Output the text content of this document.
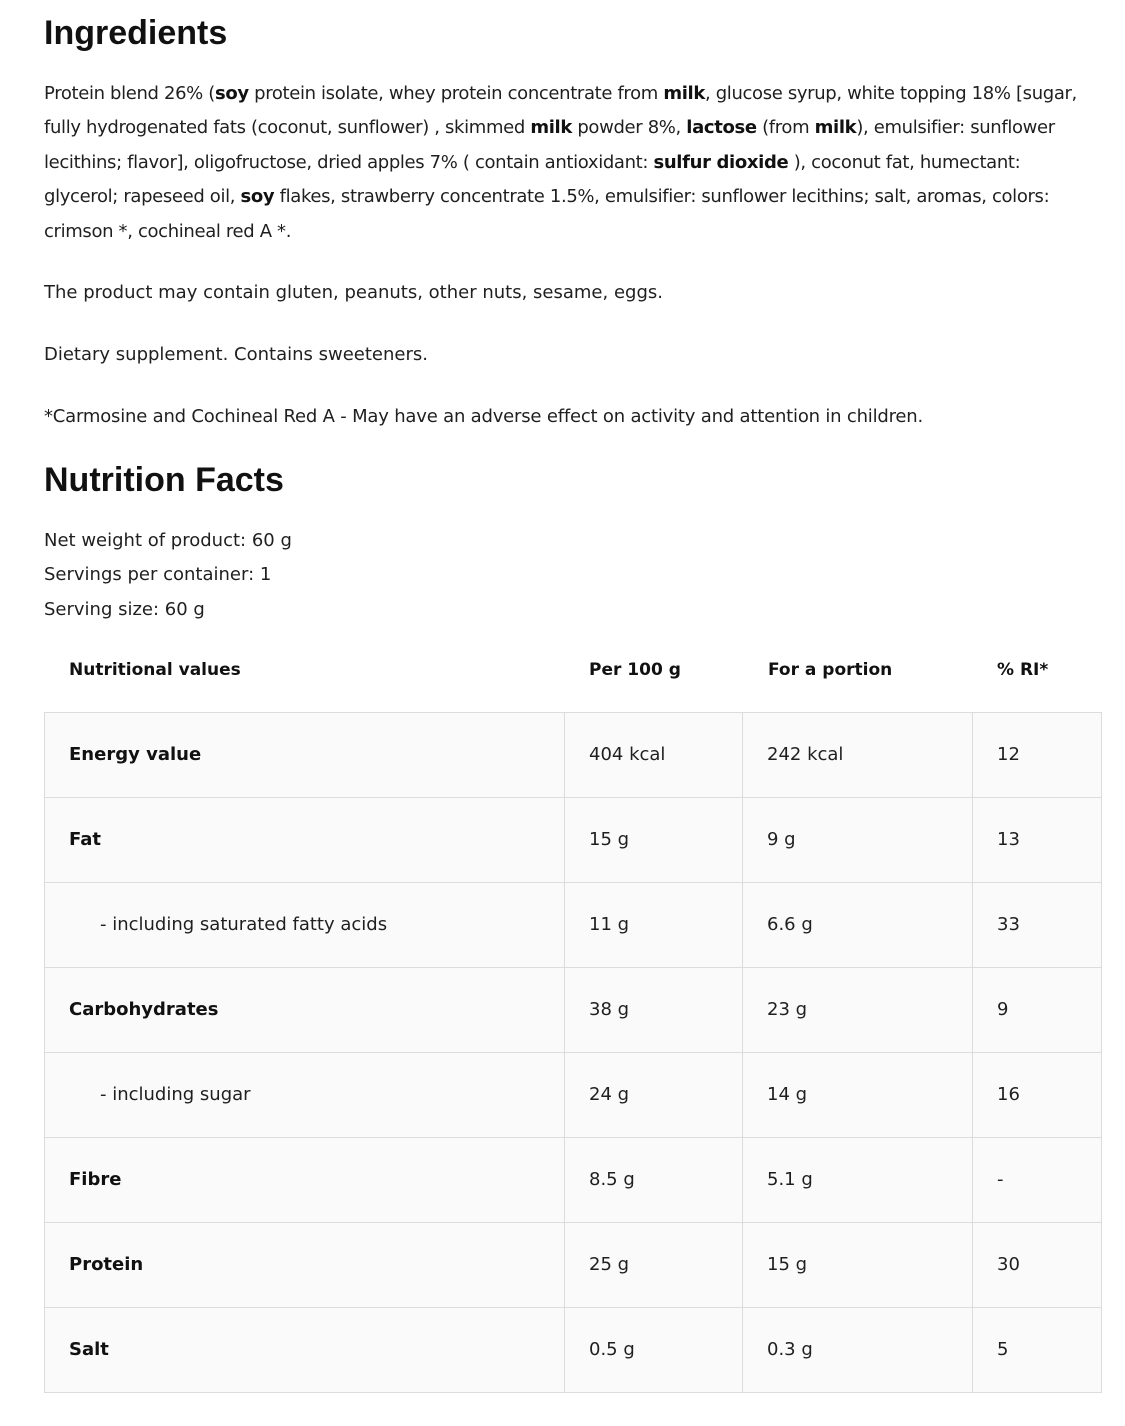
Ingredients

Protein blend 26% (soy protein isolate, whey protein concentrate from milk, glucose syrup, white topping 18% [sugar, fully hydrogenated fats (coconut, sunflower) , skimmed milk powder 8%, lactose (from milk), emulsifier: sunflower lecithins; flavor], oligofructose, dried apples 7% ( contain antioxidant: sulfur dioxide ), coconut fat, humectant: glycerol; rapeseed oil, soy flakes, strawberry concentrate 1.5%, emulsifier: sunflower lecithins; salt, aromas, colors: crimson *, cochineal red A *.

The product may contain gluten, peanuts, other nuts, sesame, eggs.

Dietary supplement. Contains sweeteners.

*Carmosine and Cochineal Red A - May have an adverse effect on activity and attention in children.

Nutrition Facts
Net weight of product: 60 g
Servings per container: 1
Serving size: 60 g
Nutritional values	Per 100 g	For a portion	% RI*
Energy value	404 kcal	242 kcal	12
Fat	15 g	9 g	13
- including saturated fatty acids	11 g	6.6 g	33
Carbohydrates	38 g	23 g	9
- including sugar	24 g	14 g	16
Fibre	8.5 g	5.1 g	-
Protein	25 g	15 g	30
Salt	0.5 g	0.3 g	5
